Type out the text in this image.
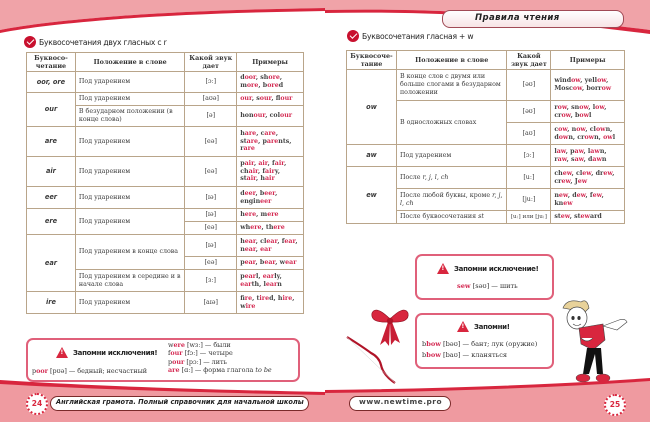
Буквосочетания двух гласных с r
Буквосо-четание	Положение в слове	Какой звук дает	Примеры
oor, ore	Под ударением	[ɔː]	door, shore, more, bored
our	Под ударением	[aʊə]	our, sour, flour
	В безударном положении (в конце слова)	[ə]	honour, colour
are	Под ударением	[eə]	hare, care, stare, parents, rare
air	Под ударением	[eə]	pair, air, fair, chair, fairy, stair, hair
eer	Под ударением	[ɪə]	deer, beer, engineer
ere	Под ударением	[ɪə]	here, mere
		[eə]	where, there
ear	Под ударением в конце слова	[ɪə]	hear, clear, fear, near, ear
		[eə]	pear, bear, wear
	Под ударением в середине и в начале слова	[ɜː]	pearl, early, earth, learn
ire	Под ударением	[aɪə]	fire, tired, hire, wire
!
Запомни исключения!
poor [pʊə] — бедный; несчастный
were [wɜː] — были
four [fɔː] — четыре
pour [pɔː] — лить
are [ɑː] — форма глагола to be
24	Английская грамота. Полный справочник для начальной школы
Правила чтения
Буквосочетания гласная + w
Буквосоче-тание	Положение в слове	Какой звук дает	Примеры
ow	В конце слов с двумя или больше слогами в безударном положении	[əʊ]	window, yellow, Moscow, borrow
	В односложных словах	[əʊ]	row, snow, low, crow, bowl
		[aʊ]	cow, now, clown, down, crown, owl
aw	Под ударением	[ɔː]	law, paw, lawn, raw, saw, dawn
ew	После r, j, l, ch	[uː]	chew, clew, drew, crew, Jew
	После любой буквы, кроме r, j, l, ch	[juː]	new, dew, few, knew
	После буквосочетания st	[uː] или [juː]	stew, steward
!
Запомни исключение!
sew [səʊ] — шить
!
Запомни!
bbow [bəʊ] — бант; лук (оружие)
bbow [baʊ] — кланяться
www.newtime.pro	25
